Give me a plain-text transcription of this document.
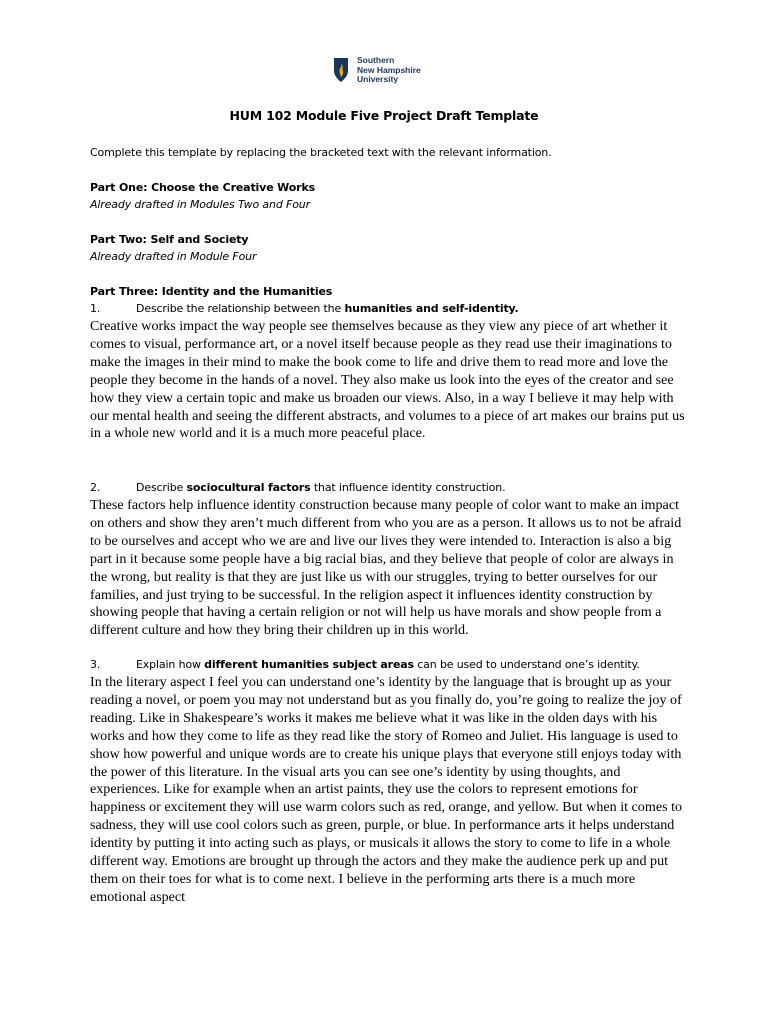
Southern
New Hampshire
University
HUM 102 Module Five Project Draft Template

Complete this template by replacing the bracketed text with the relevant information.

Part One: Choose the Creative Works

Already drafted in Modules Two and Four

Part Two: Self and Society

Already drafted in Module Four

Part Three: Identity and the Humanities

1.	Describe the relationship between the humanities and self-identity.

Creative works impact the way people see themselves because as they view any piece of art whether it comes to visual, performance art, or a novel itself because people as they read use their imaginations to make the images in their mind to make the book come to life and drive them to read more and love the people they become in the hands of a novel. They also make us look into the eyes of the creator and see how they view a certain topic and make us broaden our views. Also, in a way I believe it may help with our mental health and seeing the different abstracts, and volumes to a piece of art makes our brains put us in a whole new world and it is a much more peaceful place.

2.	Describe sociocultural factors that influence identity construction.

These factors help influence identity construction because many people of color want to make an impact on others and show they aren’t much different from who you are as a person. It allows us to not be afraid to be ourselves and accept who we are and live our lives they were intended to. Interaction is also a big part in it because some people have a big racial bias, and they believe that people of color are always in the wrong, but reality is that they are just like us with our struggles, trying to better ourselves for our families, and just trying to be successful. In the religion aspect it influences identity construction by showing people that having a certain religion or not will help us have morals and show people from a different culture and how they bring their children up in this world.

3.	Explain how different humanities subject areas can be used to understand one’s identity.

In the literary aspect I feel you can understand one’s identity by the language that is brought up as your reading a novel, or poem you may not understand but as you finally do, you’re going to realize the joy of reading. Like in Shakespeare’s works it makes me believe what it was like in the olden days with his works and how they come to life as they read like the story of Romeo and Juliet. His language is used to show how powerful and unique words are to create his unique plays that everyone still enjoys today with the power of this literature. In the visual arts you can see one’s identity by using thoughts, and experiences. Like for example when an artist paints, they use the colors to represent emotions for happiness or excitement they will use warm colors such as red, orange, and yellow. But when it comes to sadness, they will use cool colors such as green, purple, or blue. In performance arts it helps understand identity by putting it into acting such as plays, or musicals it allows the story to come to life in a whole different way. Emotions are brought up through the actors and they make the audience perk up and put them on their toes for what is to come next. I believe in the performing arts there is a much more emotional aspect
